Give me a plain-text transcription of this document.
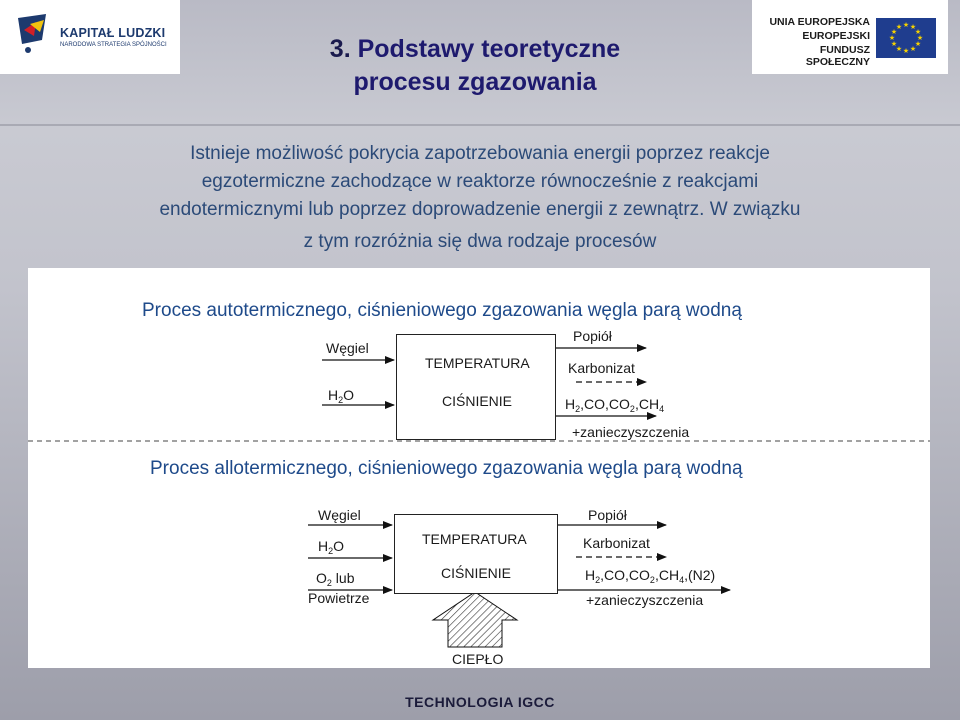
KAPITAŁ LUDZKI
NARODOWA STRATEGIA SPÓJNOŚCI
UNIA EUROPEJSKA
EUROPEJSKI
FUNDUSZ SPOŁECZNY
★ ★
★
★
★
★
★
★
★
★
★
★
3. Podstawy teoretyczne
procesu zgazowania
Istnieje możliwość pokrycia zapotrzebowania energii poprzez reakcje
egzotermiczne zachodzące w reaktorze równocześnie z reakcjami
endotermicznymi lub poprzez doprowadzenie energii z zewnątrz. W związku
z tym rozróżnia się dwa rodzaje procesów
Proces autotermicznego, ciśnieniowego zgazowania węgla parą wodną
Węgiel
$H_2O$
TEMPERATURA
CIŚNIENIE
Popiół
Karbonizat
$H_2,CO,CO_2,CH_4$
+zanieczyszczenia
Proces allotermicznego, ciśnieniowego zgazowania węgla parą wodną
Węgiel
$H_2O$
$O_2$ lub
Powietrze
TEMPERATURA
CIŚNIENIE
Popiół
Karbonizat
$H_2,CO,CO_2,CH_4,(N2)$
+zanieczyszczenia
CIEPŁO
TECHNOLOGIA IGCC
